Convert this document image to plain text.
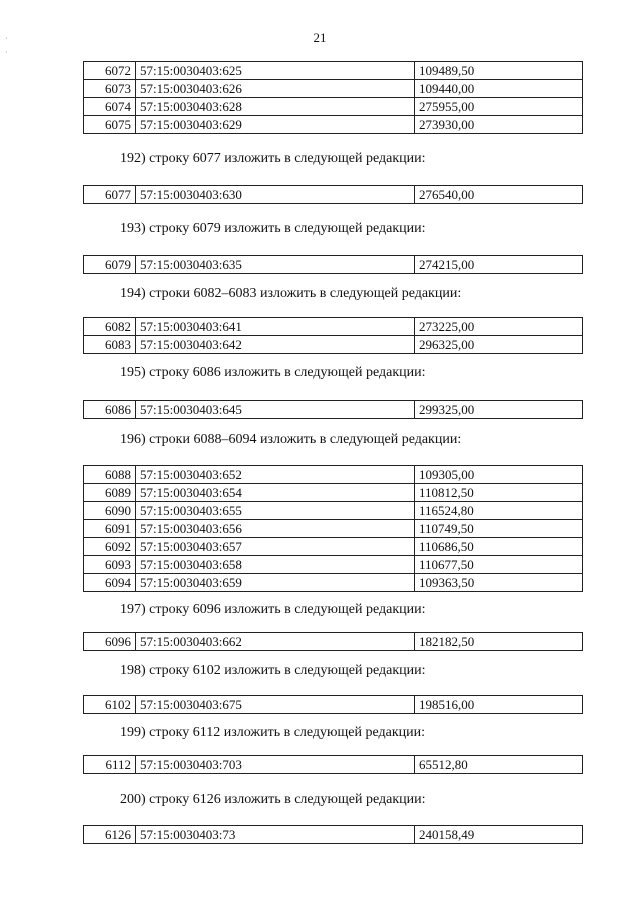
21
·
·
6072	57:15:0030403:625	109489,50
6073	57:15:0030403:626	109440,00
6074	57:15:0030403:628	275955,00
6075	57:15:0030403:629	273930,00
192) строку 6077 изложить в следующей редакции:
6077	57:15:0030403:630	276540,00
193) строку 6079 изложить в следующей редакции:
6079	57:15:0030403:635	274215,00
194) строки 6082–6083 изложить в следующей редакции:
6082	57:15:0030403:641	273225,00
6083	57:15:0030403:642	296325,00
195) строку 6086 изложить в следующей редакции:
6086	57:15:0030403:645	299325,00
196) строки 6088–6094 изложить в следующей редакции:
6088	57:15:0030403:652	109305,00
6089	57:15:0030403:654	110812,50
6090	57:15:0030403:655	116524,80
6091	57:15:0030403:656	110749,50
6092	57:15:0030403:657	110686,50
6093	57:15:0030403:658	110677,50
6094	57:15:0030403:659	109363,50
197) строку 6096 изложить в следующей редакции:
6096	57:15:0030403:662	182182,50
198) строку 6102 изложить в следующей редакции:
6102	57:15:0030403:675	198516,00
199) строку 6112 изложить в следующей редакции:
6112	57:15:0030403:703	65512,80
200) строку 6126 изложить в следующей редакции:
6126	57:15:0030403:73	240158,49
